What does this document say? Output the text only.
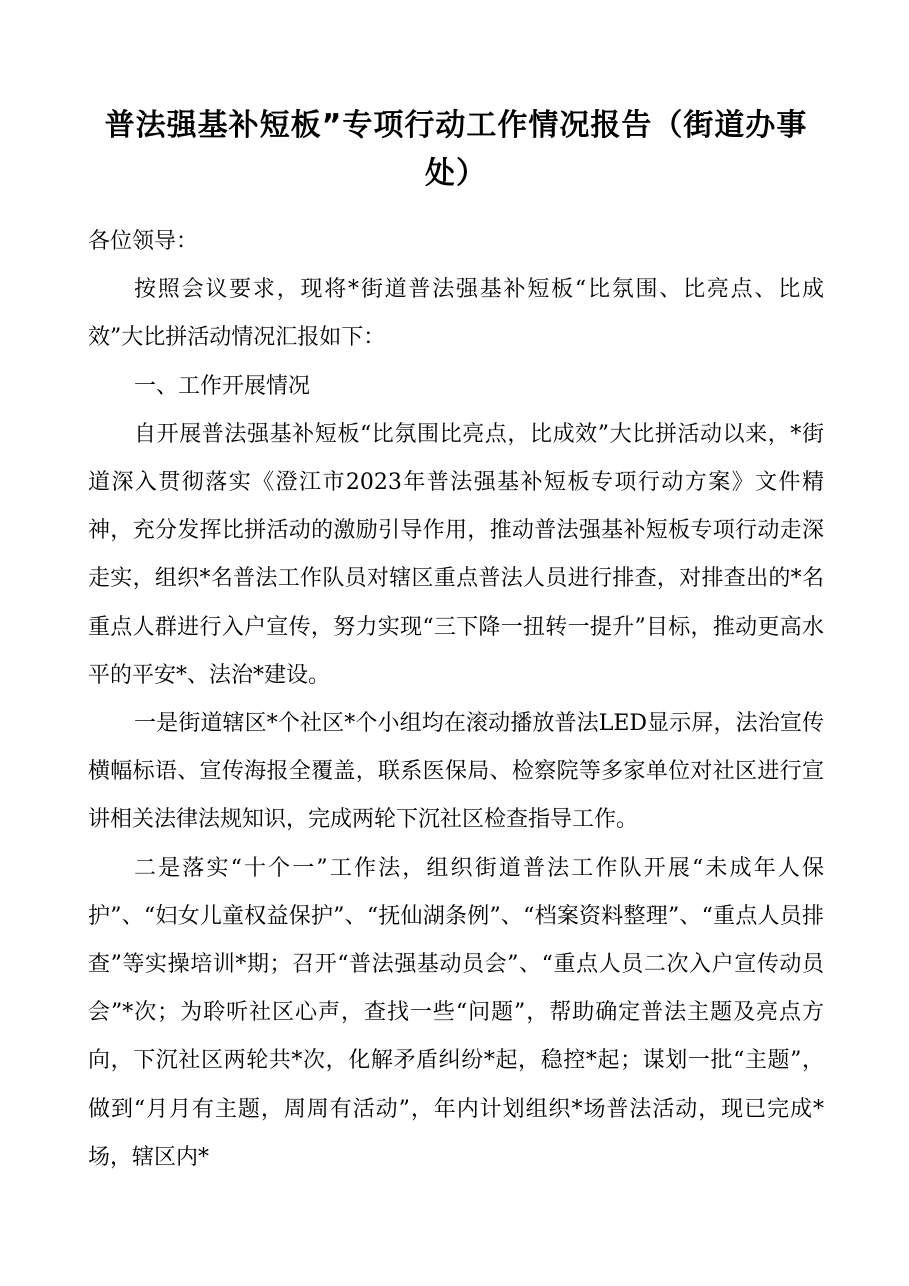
普法强基补短板”专项行动工作情况报告（街道办事处）

各位领导：

按照会议要求，现将*街道普法强基补短板“比氛围、比亮点、比成效”大比拼活动情况汇报如下：

一、工作开展情况

自开展普法强基补短板“比氛围比亮点，比成效”大比拼活动以来，*街道深入贯彻落实《澄江市2023年普法强基补短板专项行动方案》文件精神，充分发挥比拼活动的激励引导作用，推动普法强基补短板专项行动走深走实，组织*名普法工作队员对辖区重点普法人员进行排查，对排查出的*名重点人群进行入户宣传，努力实现“三下降一扭转一提升”目标，推动更高水平的平安*、法治*建设。

一是街道辖区*个社区*个小组均在滚动播放普法LED显示屏，法治宣传横幅标语、宣传海报全覆盖，联系医保局、检察院等多家单位对社区进行宣讲相关法律法规知识，完成两轮下沉社区检查指导工作。

二是落实“十个一”工作法，组织街道普法工作队开展“未成年人保护”、“妇女儿童权益保护”、“抚仙湖条例”、“档案资料整理”、“重点人员排查”等实操培训*期；召开“普法强基动员会”、“重点人员二次入户宣传动员会”*次；为聆听社区心声，查找一些“问题”，帮助确定普法主题及亮点方向，下沉社区两轮共*次，化解矛盾纠纷*起，稳控*起；谋划一批“主题”，做到“月月有主题，周周有活动”，年内计划组织*场普法活动，现已完成*场，辖区内*
